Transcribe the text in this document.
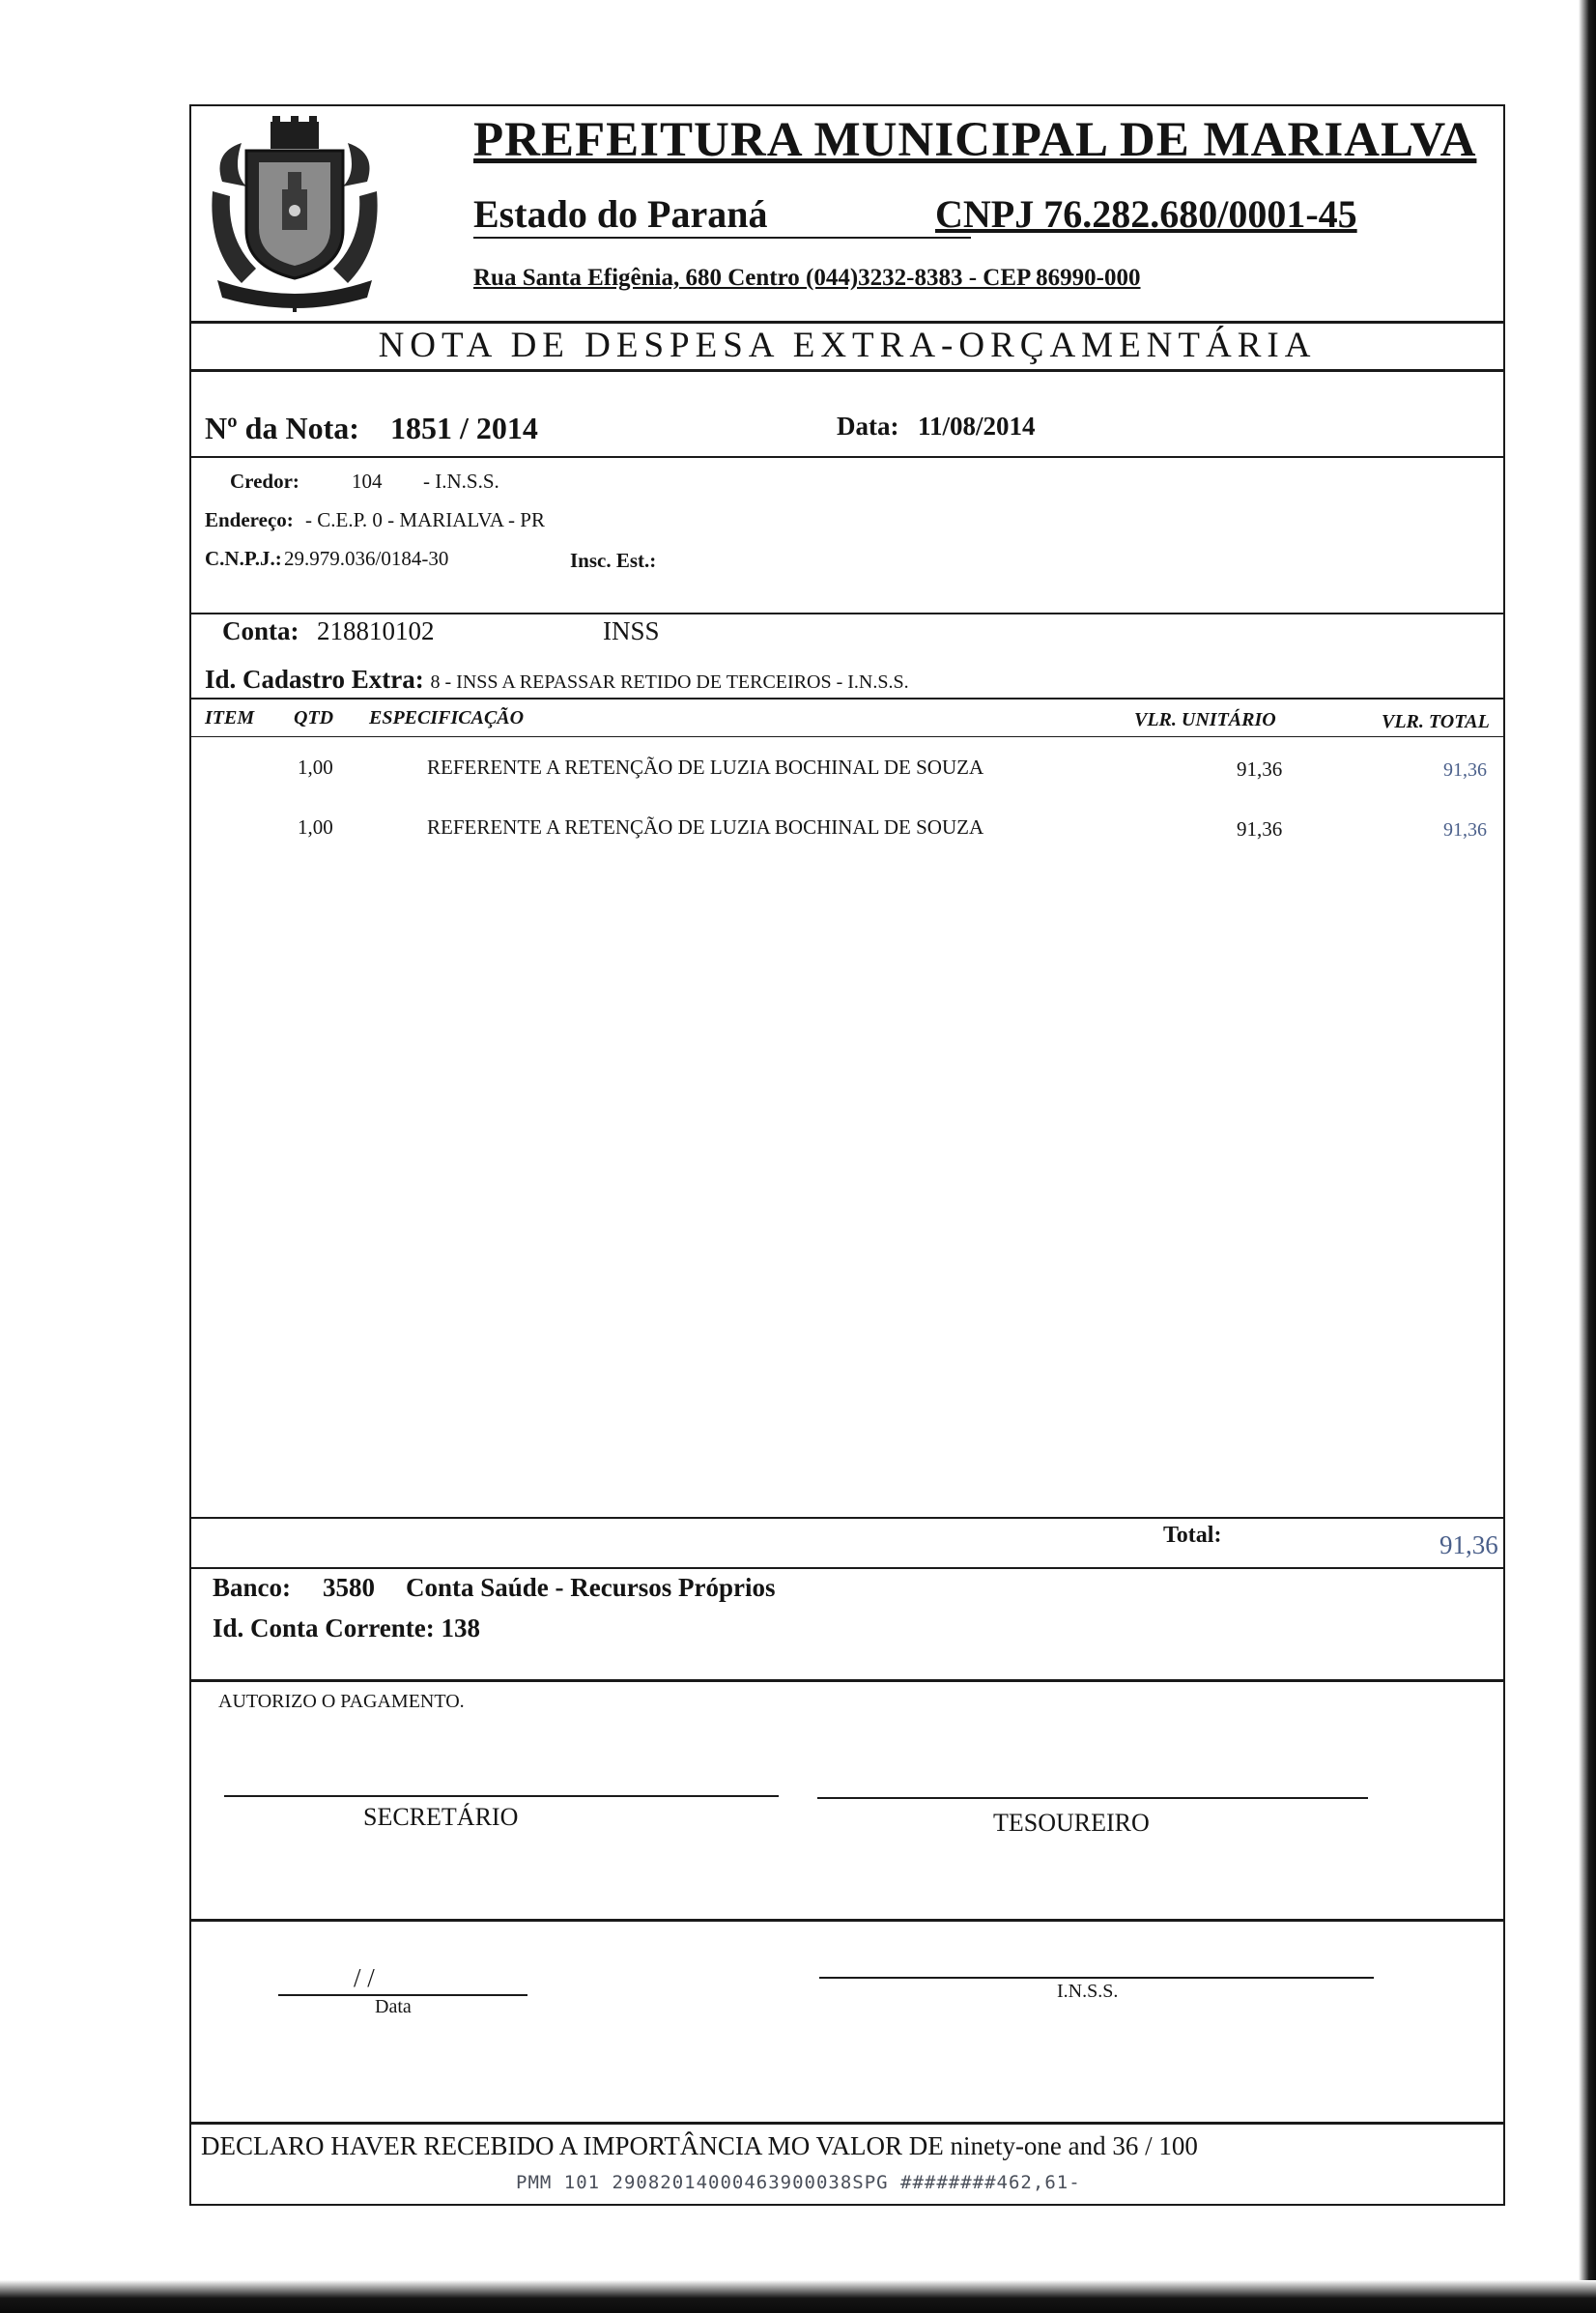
PREFEITURA MUNICIPAL DE MARIALVA
Estado do Paraná	CNPJ 76.282.680/0001-45
Rua Santa Efigênia, 680 Centro (044)3232-8383 - CEP 86990-000
NOTA DE DESPESA EXTRA-ORÇAMENTÁRIA
Nº da Nota: 1851 / 2014	Data: 11/08/2014
Credor:	104 - I.N.S.S.
Endereço: - C.E.P. 0 - MARIALVA - PR
C.N.P.J.: 29.979.036/0184-30	Insc. Est.:
Conta: 218810102	INSS
Id. Cadastro Extra: 8 - INSS A REPASSAR RETIDO DE TERCEIROS - I.N.S.S.
ITEM QTD ESPECIFICAÇÃO	VLR. UNITÁRIO	VLR. TOTAL
1,00	REFERENTE A RETENÇÃO DE LUZIA BOCHINAL DE SOUZA	91,36	91,36
1,00	REFERENTE A RETENÇÃO DE LUZIA BOCHINAL DE SOUZA	91,36	91,36
Total:	91,36
Banco: 3580 Conta Saúde - Recursos Próprios
Id. Conta Corrente: 138
AUTORIZO O PAGAMENTO.
SECRETÁRIO	TESOUREIRO
/ /
Data
I.N.S.S.
DECLARO HAVER RECEBIDO A IMPORTÂNCIA MO VALOR DE ninety-one and 36 / 100
PMM 101 29082014000463900038SPG ########462,61-
